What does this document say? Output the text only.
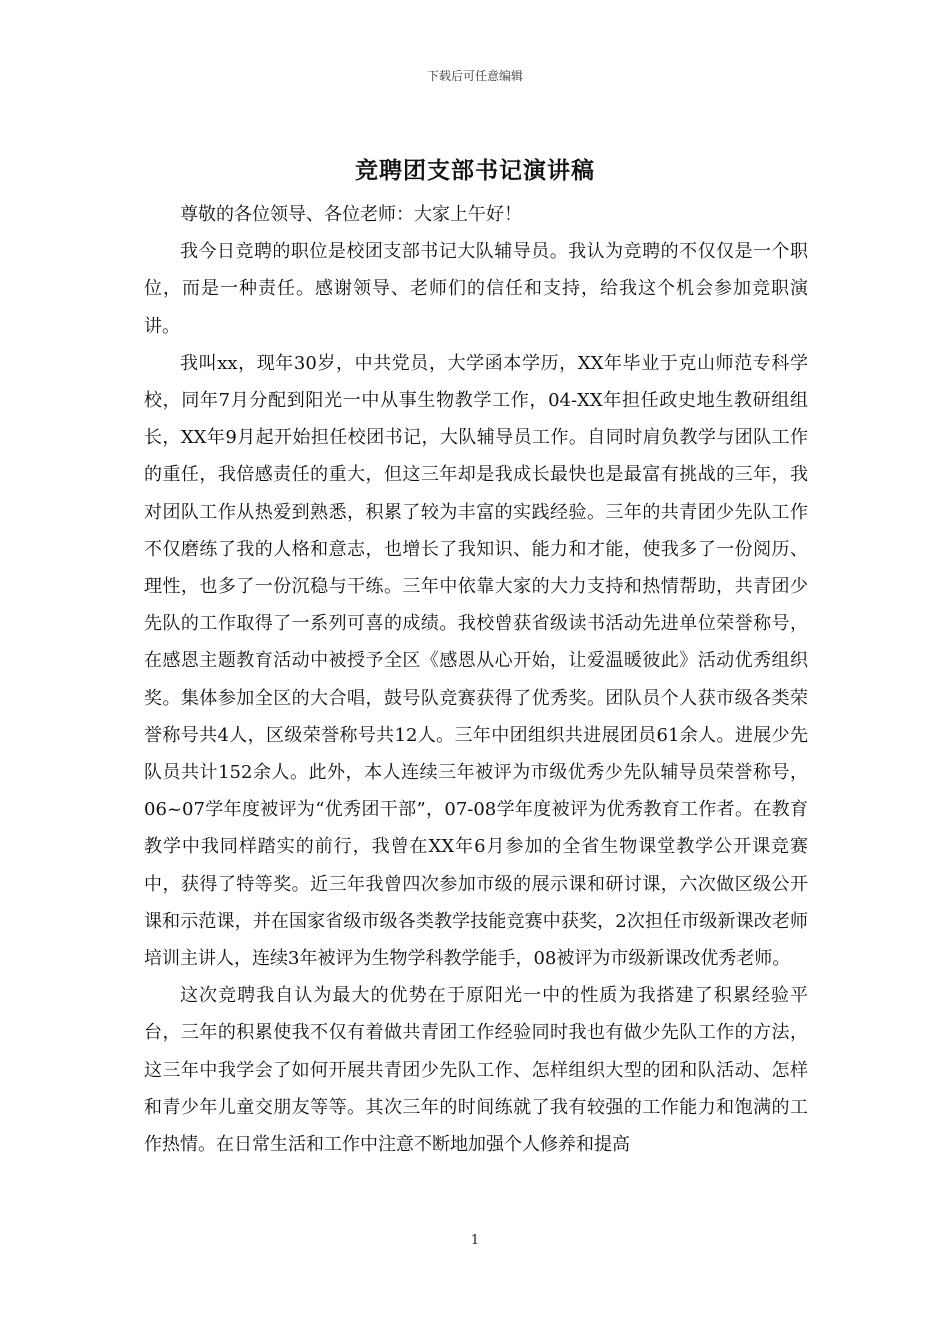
下载后可任意编辑
竞聘团支部书记演讲稿

尊敬的各位领导、各位老师：大家上午好！

我今日竞聘的职位是校团支部书记大队辅导员。我认为竞聘的不仅仅是一个职位，而是一种责任。感谢领导、老师们的信任和支持，给我这个机会参加竞职演讲。

我叫xx，现年30岁，中共党员，大学函本学历，XX年毕业于克山师范专科学校，同年7月分配到阳光一中从事生物教学工作，04-XX年担任政史地生教研组组长，XX年9月起开始担任校团书记，大队辅导员工作。自同时肩负教学与团队工作的重任，我倍感责任的重大，但这三年却是我成长最快也是最富有挑战的三年，我对团队工作从热爱到熟悉，积累了较为丰富的实践经验。三年的共青团少先队工作不仅磨练了我的人格和意志，也增长了我知识、能力和才能，使我多了一份阅历、理性，也多了一份沉稳与干练。三年中依靠大家的大力支持和热情帮助，共青团少先队的工作取得了一系列可喜的成绩。我校曾获省级读书活动先进单位荣誉称号，在感恩主题教育活动中被授予全区《感恩从心开始，让爱温暖彼此》活动优秀组织奖。集体参加全区的大合唱，鼓号队竞赛获得了优秀奖。团队员个人获市级各类荣誉称号共4人，区级荣誉称号共12人。三年中团组织共进展团员61余人。进展少先队员共计152余人。此外，本人连续三年被评为市级优秀少先队辅导员荣誉称号，06~07学年度被评为“优秀团干部”，07-08学年度被评为优秀教育工作者。在教育教学中我同样踏实的前行，我曾在XX年6月参加的全省生物课堂教学公开课竞赛中，获得了特等奖。近三年我曾四次参加市级的展示课和研讨课，六次做区级公开课和示范课，并在国家省级市级各类教学技能竞赛中获奖，2次担任市级新课改老师培训主讲人，连续3年被评为生物学科教学能手，08被评为市级新课改优秀老师。

这次竞聘我自认为最大的优势在于原阳光一中的性质为我搭建了积累经验平台，三年的积累使我不仅有着做共青团工作经验同时我也有做少先队工作的方法，这三年中我学会了如何开展共青团少先队工作、怎样组织大型的团和队活动、怎样和青少年儿童交朋友等等。其次三年的时间练就了我有较强的工作能力和饱满的工作热情。在日常生活和工作中注意不断地加强个人修养和提高

1
